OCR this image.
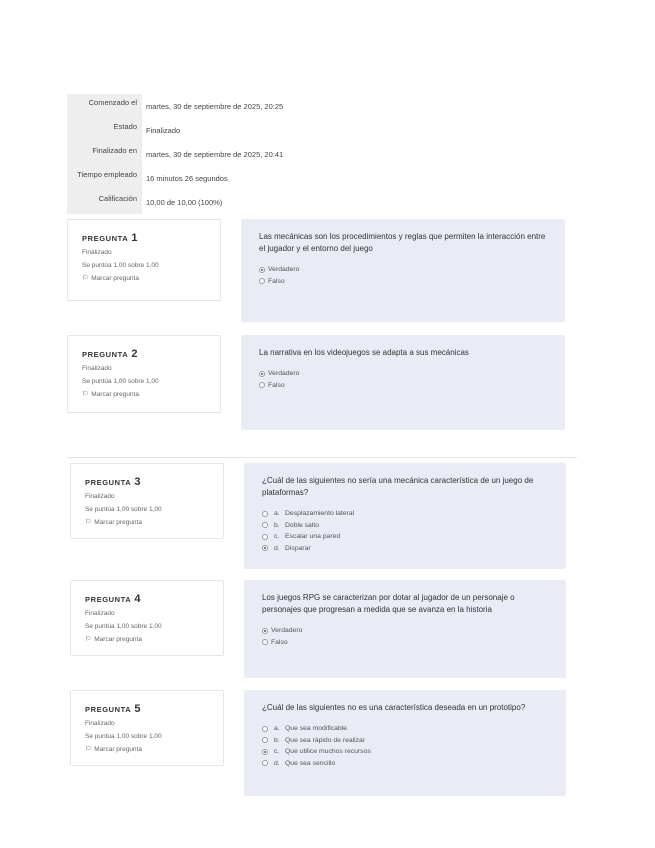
Comenzado el	martes, 30 de septiembre de 2025, 20:25
Estado	Finalizado
Finalizado en	martes, 30 de septiembre de 2025, 20:41
Tiempo empleado	16 minutos 26 segundos
Calificación	10,00 de 10,00 (100%)
PREGUNTA 1
Finalizado
Se puntúa 1,00 sobre 1,00
⚐ Marcar pregunta
Las mecánicas son los procedimientos y reglas que permiten la interacción entre el jugador y el entorno del juego
Verdadero
Falso
PREGUNTA 2
Finalizado
Se puntúa 1,00 sobre 1,00
⚐ Marcar pregunta
La narrativa en los videojuegos se adapta a sus mecánicas
Verdadero
Falso
PREGUNTA 3
Finalizado
Se puntúa 1,00 sobre 1,00
⚐ Marcar pregunta
¿Cuál de las siguientes no sería una mecánica característica de un juego de plataformas?
a. Desplazamiento lateral
b. Doble salto
c. Escalar una pared
d. Disparar
PREGUNTA 4
Finalizado
Se puntúa 1,00 sobre 1,00
⚐ Marcar pregunta
Los juegos RPG se caracterizan por dotar al jugador de un personaje o personajes que progresan a medida que se avanza en la historia
Verdadero
Falso
PREGUNTA 5
Finalizado
Se puntúa 1,00 sobre 1,00
⚐ Marcar pregunta
¿Cuál de las siguientes no es una característica deseada en un prototipo?
a. Que sea modificable
b. Que sea rápido de realizar
c. Que utilice muchos recursos
d. Que sea sencillo
